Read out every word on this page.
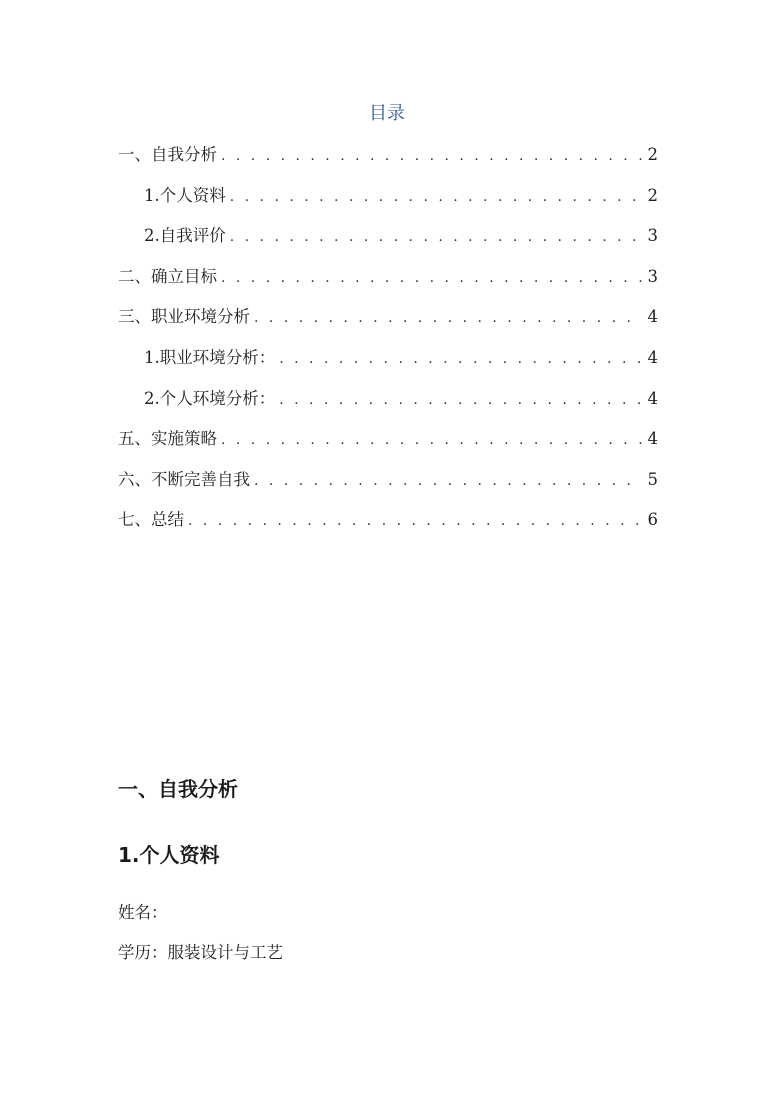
目录
一、自我分析 . . .	2
1.个人资料 . . .	2
2.自我评价 . . .	3
二、确立目标 . . .	3
三、职业环境分析 . . .	4
1.职业环境分析： . . .	4
2.个人环境分析： . . .	4
五、实施策略 . . .	4
六、不断完善自我 . . .	5
七、总结 . . .	6
一、自我分析
1.个人资料

姓名：

学历：服装设计与工艺
